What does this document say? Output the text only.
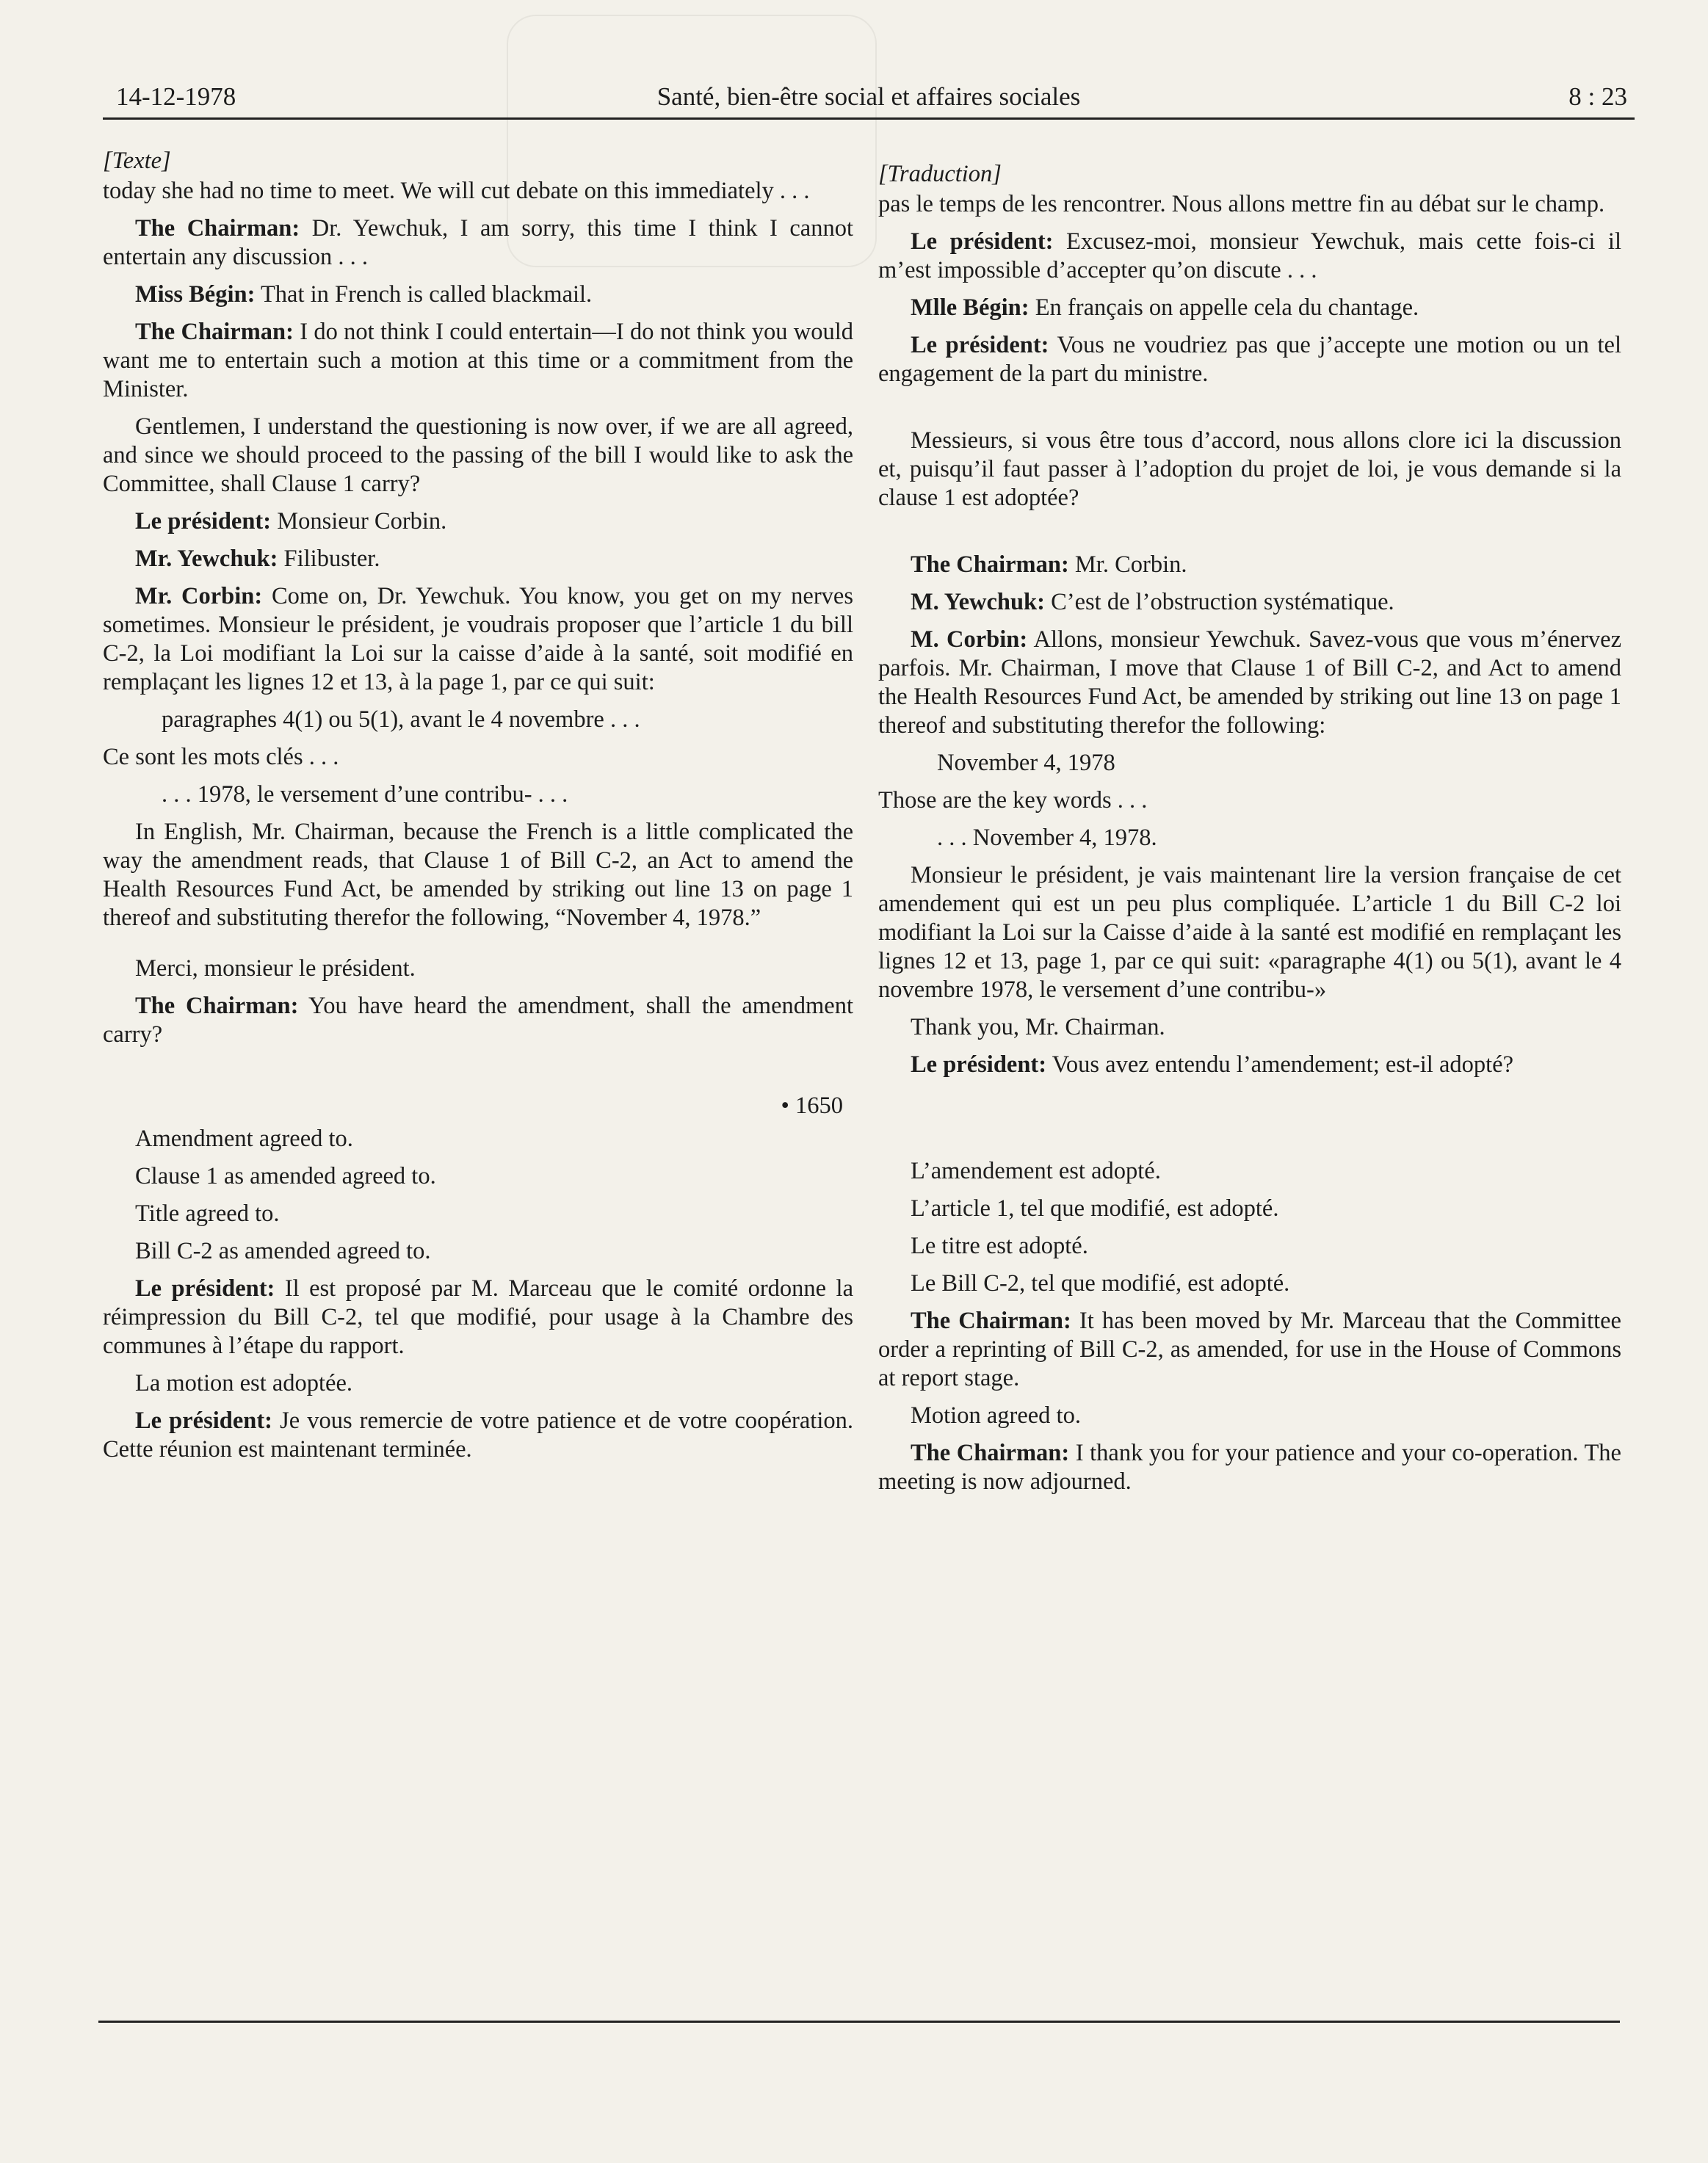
14-12-1978	Santé, bien-être social et affaires sociales	8 : 23

[Texte]

today she had no time to meet. We will cut debate on this immediately . . .

The Chairman: Dr. Yewchuk, I am sorry, this time I think I cannot entertain any discussion . . .

Miss Bégin: That in French is called blackmail.

The Chairman: I do not think I could entertain—I do not think you would want me to entertain such a motion at this time or a commitment from the Minister.

Gentlemen, I understand the questioning is now over, if we are all agreed, and since we should proceed to the passing of the bill I would like to ask the Committee, shall Clause 1 carry?

Le président: Monsieur Corbin.

Mr. Yewchuk: Filibuster.

Mr. Corbin: Come on, Dr. Yewchuk. You know, you get on my nerves sometimes. Monsieur le président, je voudrais proposer que l’article 1 du bill C-2, la Loi modifiant la Loi sur la caisse d’aide à la santé, soit modifié en remplaçant les lignes 12 et 13, à la page 1, par ce qui suit:

paragraphes 4(1) ou 5(1), avant le 4 novembre . . .

Ce sont les mots clés . . .

. . . 1978, le versement d’une contribu- . . .

In English, Mr. Chairman, because the French is a little complicated the way the amendment reads, that Clause 1 of Bill C-2, an Act to amend the Health Resources Fund Act, be amended by striking out line 13 on page 1 thereof and substituting therefor the following, “November 4, 1978.”

Merci, monsieur le président.

The Chairman: You have heard the amendment, shall the amendment carry?

• 1650

Amendment agreed to.

Clause 1 as amended agreed to.

Title agreed to.

Bill C-2 as amended agreed to.

Le président: Il est proposé par M. Marceau que le comité ordonne la réimpression du Bill C-2, tel que modifié, pour usage à la Chambre des communes à l’étape du rapport.

La motion est adoptée.

Le président: Je vous remercie de votre patience et de votre coopération. Cette réunion est maintenant terminée.

[Traduction]

pas le temps de les rencontrer. Nous allons mettre fin au débat sur le champ.

Le président: Excusez-moi, monsieur Yewchuk, mais cette fois-ci il m’est impossible d’accepter qu’on discute . . .

Mlle Bégin: En français on appelle cela du chantage.

Le président: Vous ne voudriez pas que j’accepte une motion ou un tel engagement de la part du ministre.

Messieurs, si vous être tous d’accord, nous allons clore ici la discussion et, puisqu’il faut passer à l’adoption du projet de loi, je vous demande si la clause 1 est adoptée?

The Chairman: Mr. Corbin.

M. Yewchuk: C’est de l’obstruction systématique.

M. Corbin: Allons, monsieur Yewchuk. Savez-vous que vous m’énervez parfois. Mr. Chairman, I move that Clause 1 of Bill C-2, and Act to amend the Health Resources Fund Act, be amended by striking out line 13 on page 1 thereof and substituting therefor the following:

November 4, 1978

Those are the key words . . .

. . . November 4, 1978.

Monsieur le président, je vais maintenant lire la version française de cet amendement qui est un peu plus compliquée. L’article 1 du Bill C-2 loi modifiant la Loi sur la Caisse d’aide à la santé est modifié en remplaçant les lignes 12 et 13, page 1, par ce qui suit: «paragraphe 4(1) ou 5(1), avant le 4 novembre 1978, le versement d’une contribu-»

Thank you, Mr. Chairman.

Le président: Vous avez entendu l’amendement; est-il adopté?

L’amendement est adopté.

L’article 1, tel que modifié, est adopté.

Le titre est adopté.

Le Bill C-2, tel que modifié, est adopté.

The Chairman: It has been moved by Mr. Marceau that the Committee order a reprinting of Bill C-2, as amended, for use in the House of Commons at report stage.

Motion agreed to.

The Chairman: I thank you for your patience and your co-operation. The meeting is now adjourned.
